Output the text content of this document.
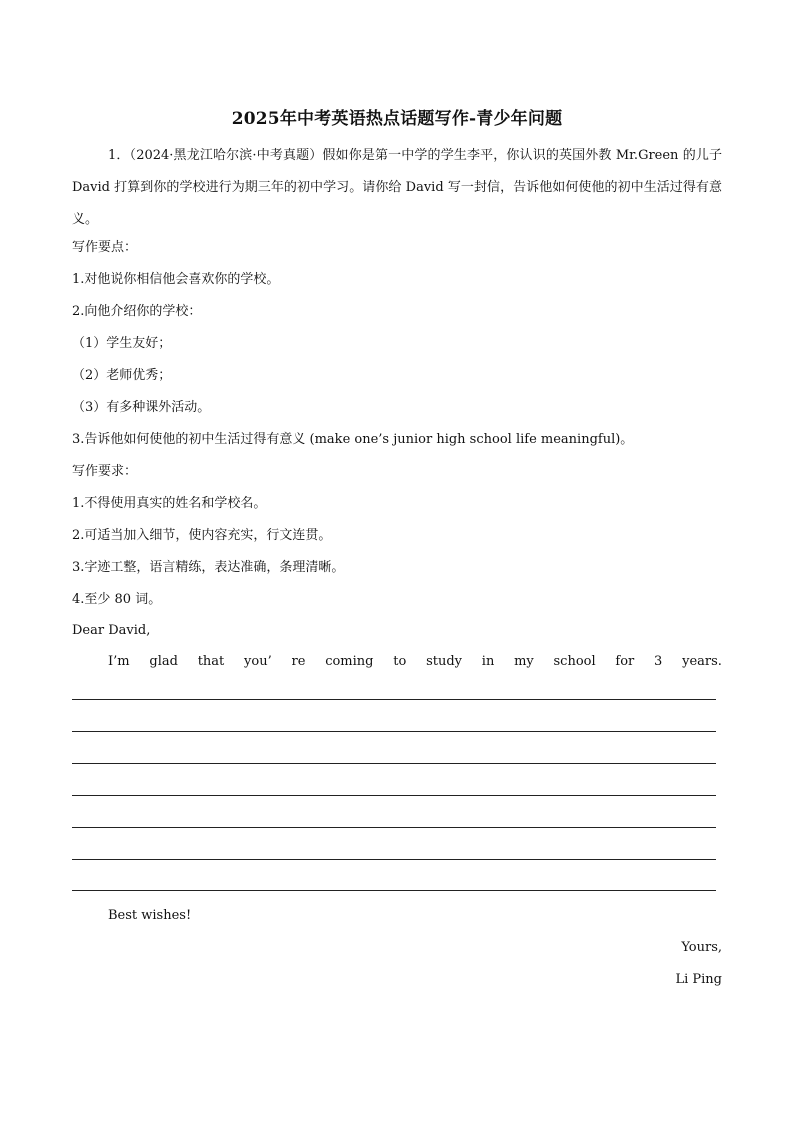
2025年中考英语热点话题写作-青少年问题
1．（2024·黑龙江哈尔滨·中考真题）假如你是第一中学的学生李平，你认识的英国外教 Mr.Green 的儿子 David 打算到你的学校进行为期三年的初中学习。请你给 David 写一封信，告诉他如何使他的初中生活过得有意义。
写作要点：
1.对他说你相信他会喜欢你的学校。
2.向他介绍你的学校：
（1）学生友好；
（2）老师优秀；
（3）有多种课外活动。
3.告诉他如何使他的初中生活过得有意义 (make one’s junior high school life meaningful)。
写作要求：
1.不得使用真实的姓名和学校名。
2.可适当加入细节，使内容充实，行文连贯。
3.字迹工整，语言精练，表达准确，条理清晰。
4.至少 80 词。
Dear David,
I’m glad that you’ re coming to study in my school for 3 years.
Best wishes!
Yours,
Li Ping
